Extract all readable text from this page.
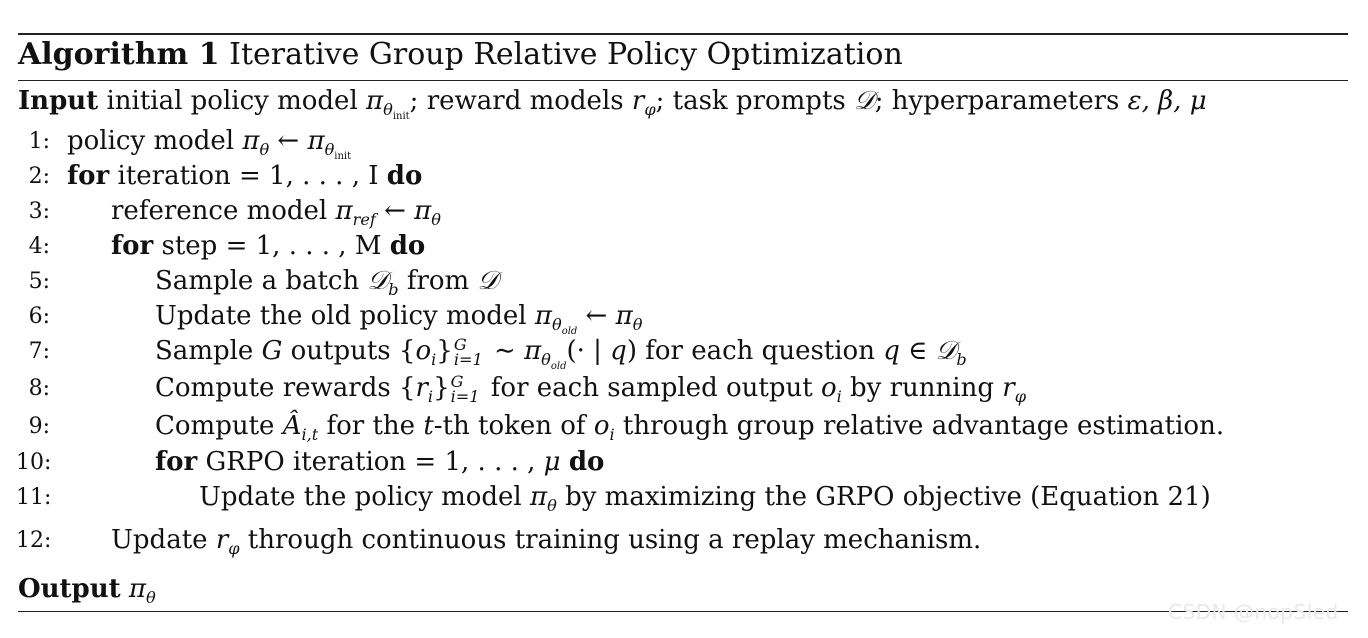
Algorithm 1 Iterative Group Relative Policy Optimization
Input initial policy model $\pi_{\theta_{init}}$; reward models $r_\varphi$; task prompts 𝒟; hyperparameters ε, β, μ
1: policy model $\pi_\theta$ ← $\pi_{\theta_{init}}$
2: for iteration = 1, . . . , I do
3: reference model $\pi_{ref}$ ← $\pi_\theta$
4: for step = 1, . . . , M do
5:	Sample a batch 𝒟$_b$ from 𝒟
6:	Update the old policy model $\pi_{\theta_{old}}$ ← $\pi_\theta$
7:	Sample G outputs $\{o_i\}$ G
i=1 ∼ $\pi_{\theta_{old}}(\cdot$ | q) for each question q ∈ 𝒟$_b$
8:	Compute rewards $\{r_i\}$ G
i=1 for each sampled output $o_i$ by running $r_\varphi$
9:	Compute $Â_{i,t}$ for the t-th token of $o_i$ through group relative advantage estimation.
10:	for GRPO iteration = 1, . . . , μ do
11:	Update the policy model $\pi_\theta$ by maximizing the GRPO objective (Equation 21)
12: Update $r_\varphi$ through continuous training using a replay mechanism.
Output $\pi_\theta$
CSDN @nopSled
